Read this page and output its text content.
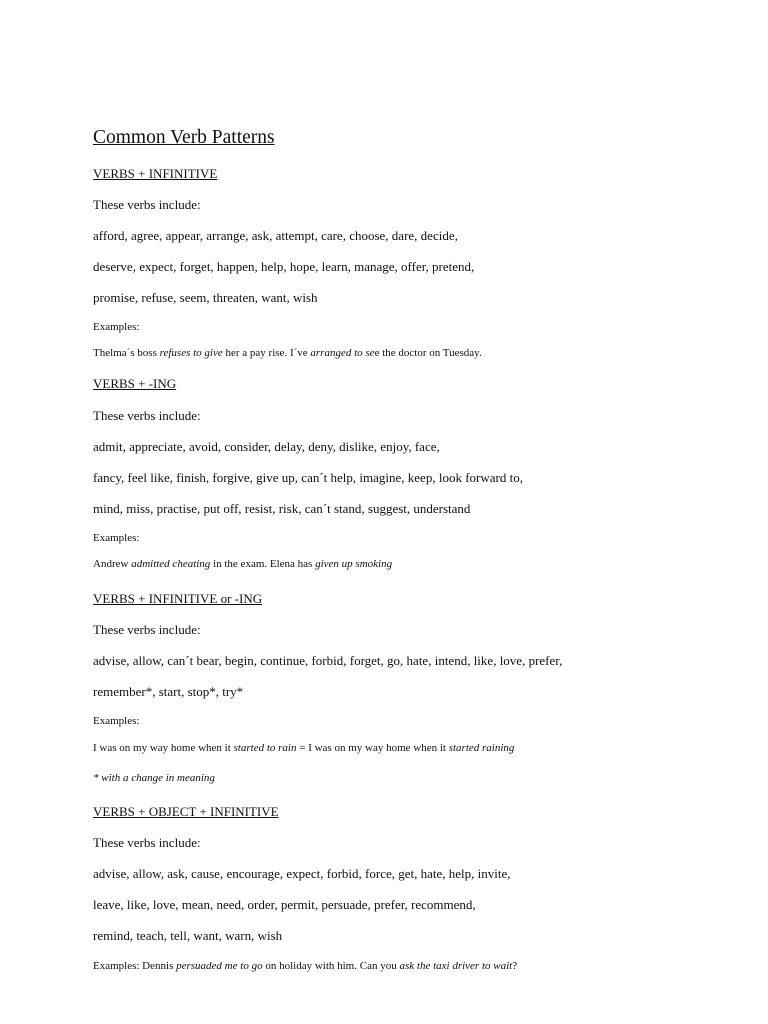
Common Verb Patterns
VERBS + INFINITIVE
These verbs include:
afford, agree, appear, arrange, ask, attempt, care, choose, dare, decide,
deserve, expect, forget, happen, help, hope, learn, manage, offer, pretend,
promise, refuse, seem, threaten, want, wish
Examples:
Thelma´s boss refuses to give her a pay rise. I´ve arranged to see the doctor on Tuesday.
VERBS + -ING
These verbs include:
admit, appreciate, avoid, consider, delay, deny, dislike, enjoy, face,
fancy, feel like, finish, forgive, give up, can´t help, imagine, keep, look forward to,
mind, miss, practise, put off, resist, risk, can´t stand, suggest, understand
Examples:
Andrew admitted cheating in the exam. Elena has given up smoking
VERBS + INFINITIVE or -ING
These verbs include:
advise, allow, can´t bear, begin, continue, forbid, forget, go, hate, intend, like, love, prefer,
remember*, start, stop*, try*
Examples:
I was on my way home when it started to rain = I was on my way home when it started raining
* with a change in meaning
VERBS + OBJECT + INFINITIVE
These verbs include:
advise, allow, ask, cause, encourage, expect, forbid, force, get, hate, help, invite,
leave, like, love, mean, need, order, permit, persuade, prefer, recommend,
remind, teach, tell, want, warn, wish
Examples: Dennis persuaded me to go on holiday with him. Can you ask the taxi driver to wait?
